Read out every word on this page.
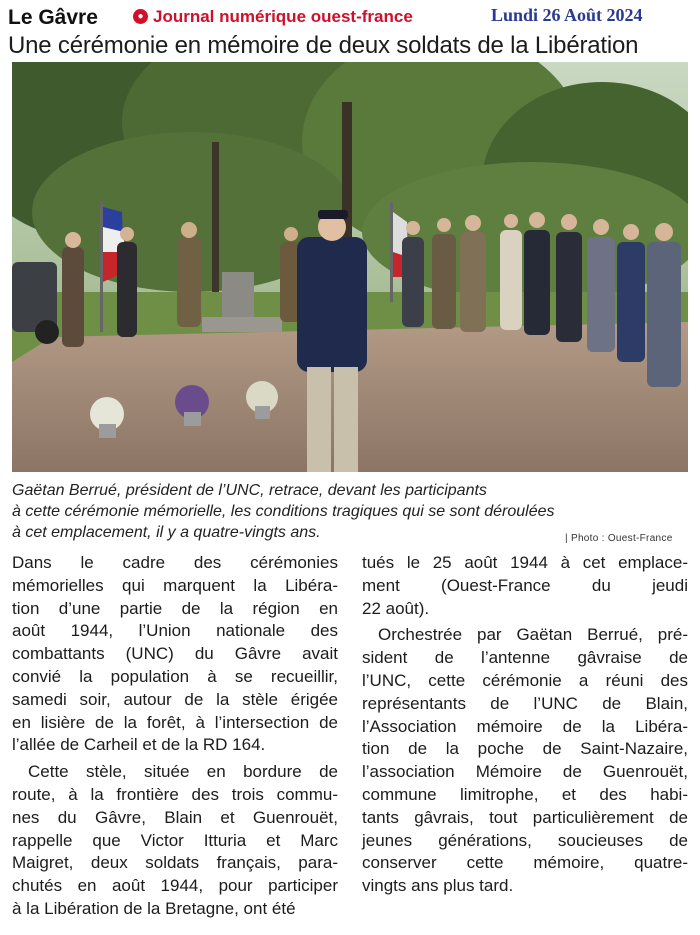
Le Gâvre	● Journal numérique ouest-france	Lundi 26 Août 2024
Une cérémonie en mémoire de deux soldats de la Libération
Gaëtan Berrué, président de l’UNC, retrace, devant les participants
à cette cérémonie mémorielle, les conditions tragiques qui se sont déroulées
à cet emplacement, il y a quatre-vingts ans.	| Photo : Ouest-France
Dans le cadre des cérémonies
mémorielles qui marquent la Libéra-
tion d’une partie de la région en
août 1944, l’Union nationale des
combattants (UNC) du Gâvre avait
convié la population à se recueillir,
samedi soir, autour de la stèle érigée
en lisière de la forêt, à l’intersection de
l’allée de Carheil et de la RD 164.
Cette stèle, située en bordure de
route, à la frontière des trois commu-
nes du Gâvre, Blain et Guenrouët,
rappelle que Victor Itturia et Marc
Maigret, deux soldats français, para-
chutés en août 1944, pour participer
à la Libération de la Bretagne, ont été
tués le 25 août 1944 à cet emplace-
ment (Ouest-France du jeudi
22 août).
Orchestrée par Gaëtan Berrué, pré-
sident de l’antenne gâvraise de
l’UNC, cette cérémonie a réuni des
représentants de l’UNC de Blain,
l’Association mémoire de la Libéra-
tion de la poche de Saint-Nazaire,
l’association Mémoire de Guenrouët,
commune limitrophe, et des habi-
tants gâvrais, tout particulièrement de
jeunes générations, soucieuses de
conserver cette mémoire, quatre-
vingts ans plus tard.
